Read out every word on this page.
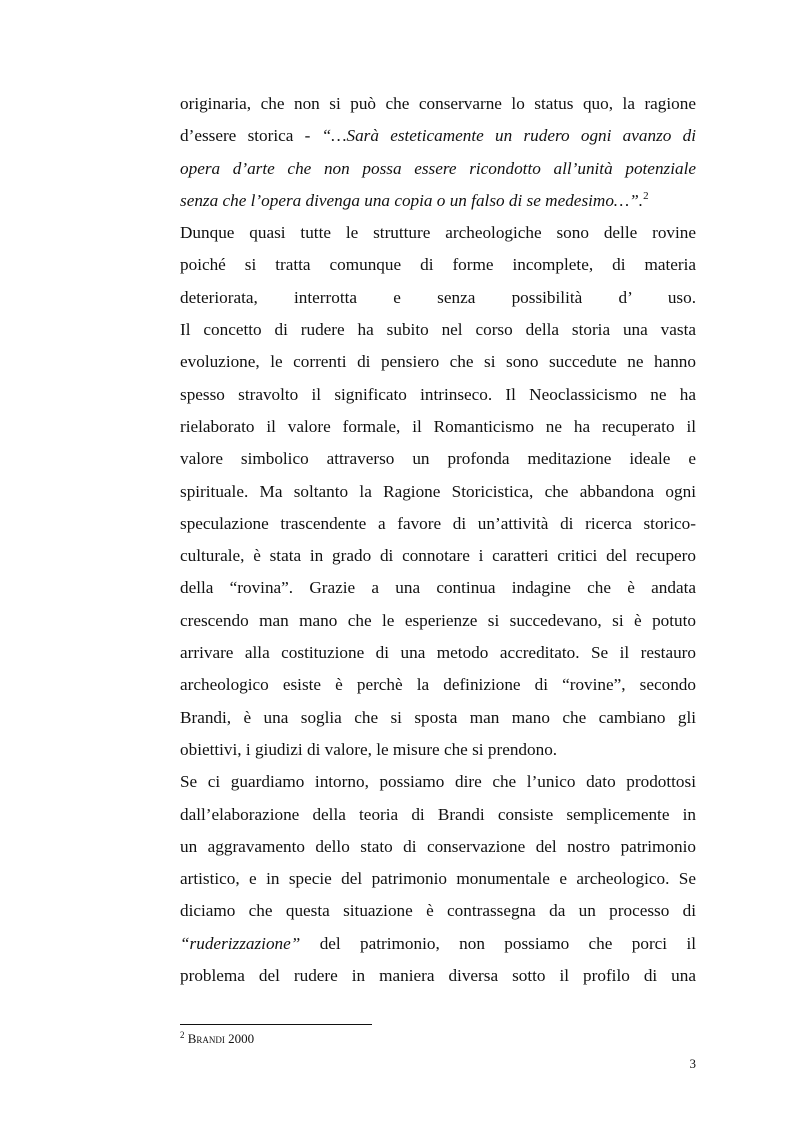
originaria, che non si può che conservarne lo status quo, la ragione
d’essere storica - “…Sarà esteticamente un rudero ogni avanzo di
opera d’arte che non possa essere ricondotto all’unità potenziale
senza che l’opera divenga una copia o un falso di se medesimo…”.$^2$
Dunque quasi tutte le strutture archeologiche sono delle rovine
poiché si tratta comunque di forme incomplete, di materia
deteriorata, interrotta e senza possibilità d’ uso.
Il concetto di rudere ha subito nel corso della storia una vasta
evoluzione, le correnti di pensiero che si sono succedute ne hanno
spesso stravolto il significato intrinseco. Il Neoclassicismo ne ha
rielaborato il valore formale, il Romanticismo ne ha recuperato il
valore simbolico attraverso un profonda meditazione ideale e
spirituale. Ma soltanto la Ragione Storicistica, che abbandona ogni
speculazione trascendente a favore di un’attività di ricerca storico-
culturale, è stata in grado di connotare i caratteri critici del recupero
della “rovina”. Grazie a una continua indagine che è andata
crescendo man mano che le esperienze si succedevano, si è potuto
arrivare alla costituzione di una metodo accreditato. Se il restauro
archeologico esiste è perchè la definizione di “rovine”, secondo
Brandi, è una soglia che si sposta man mano che cambiano gli
obiettivi, i giudizi di valore, le misure che si prendono.
Se ci guardiamo intorno, possiamo dire che l’unico dato prodottosi
dall’elaborazione della teoria di Brandi consiste semplicemente in
un aggravamento dello stato di conservazione del nostro patrimonio
artistico, e in specie del patrimonio monumentale e archeologico. Se
diciamo che questa situazione è contrassegna da un processo di
“ruderizzazione” del patrimonio, non possiamo che porci il
problema del rudere in maniera diversa sotto il profilo di una
$^2$ Brandi 2000
3
